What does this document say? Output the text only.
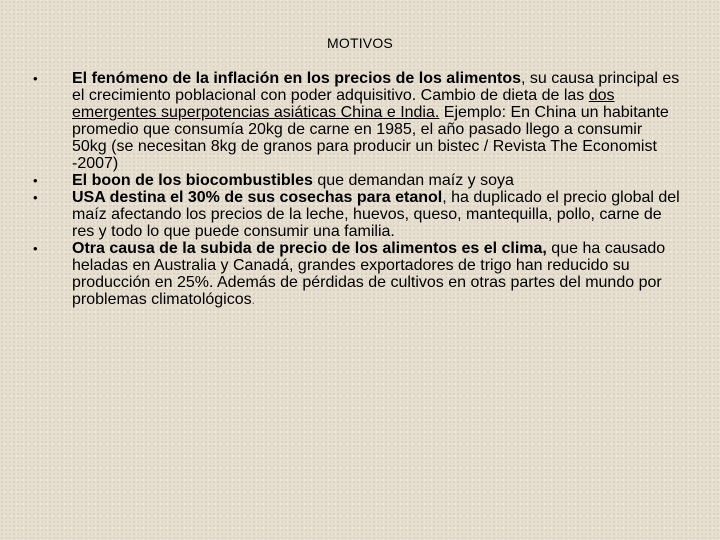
MOTIVOS
• El fenómeno de la inflación en los precios de los alimentos, su causa principal es el crecimiento poblacional con poder adquisitivo. Cambio de dieta de las dos emergentes superpotencias asiáticas China e India. Ejemplo: En China un habitante promedio que consumía 20kg de carne en 1985, el año pasado llego a consumir 50kg (se necesitan 8kg de granos para producir un bistec / Revista The Economist -2007)
• El boon de los biocombustibles que demandan maíz y soya
• USA destina el 30% de sus cosechas para etanol, ha duplicado el precio global del maíz afectando los precios de la leche, huevos, queso, mantequilla, pollo, carne de res y todo lo que puede consumir una familia.
• Otra causa de la subida de precio de los alimentos es el clima, que ha causado heladas en Australia y Canadá, grandes exportadores de trigo han reducido su producción en 25%. Además de pérdidas de cultivos en otras partes del mundo por problemas climatológicos.
